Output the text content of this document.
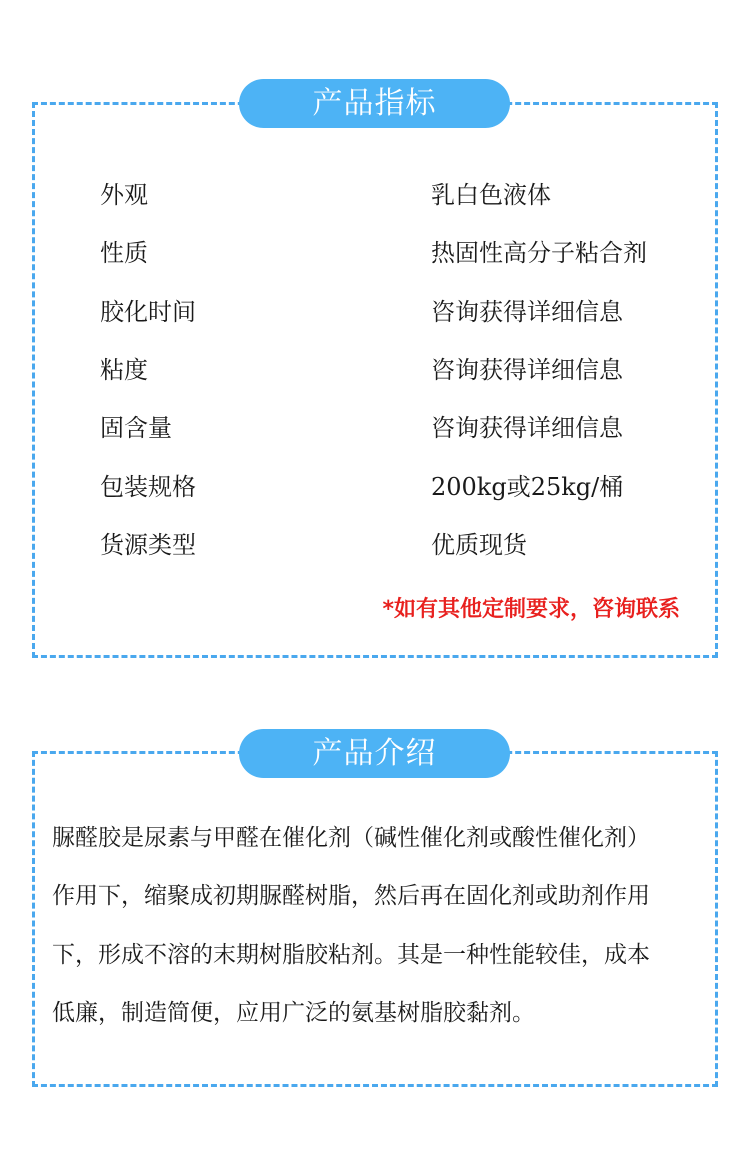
产品指标
外观	乳白色液体
性质	热固性高分子粘合剂
胶化时间	咨询获得详细信息
粘度	咨询获得详细信息
固含量	咨询获得详细信息
包装规格	200kg或25kg/桶
货源类型	优质现货
*如有其他定制要求，咨询联系
产品介绍
脲醛胶是尿素与甲醛在催化剂（碱性催化剂或酸性催化剂）
作用下，缩聚成初期脲醛树脂，然后再在固化剂或助剂作用
下，形成不溶的末期树脂胶粘剂。其是一种性能较佳，成本
低廉，制造简便，应用广泛的氨基树脂胶黏剂。
